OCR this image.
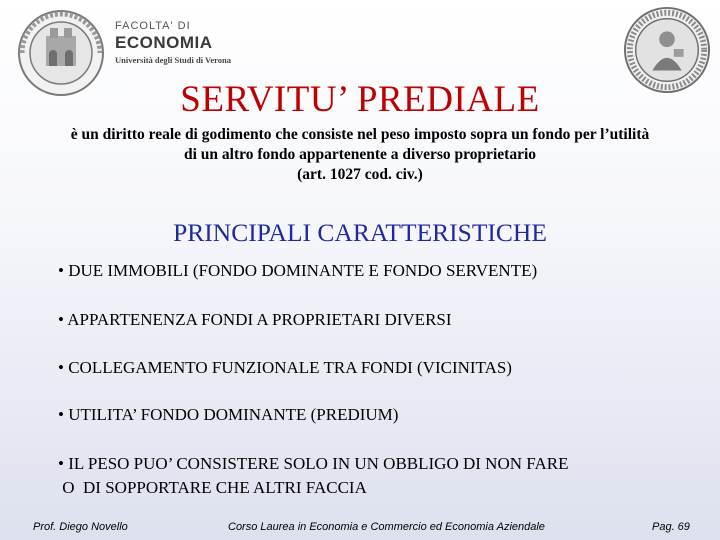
FACOLTA' DI
ECONOMIA
Università degli Studi di Verona
SERVITU’ PREDIALE
è un diritto reale di godimento che consiste nel peso imposto sopra un fondo per l’utilità
di un altro fondo appartenente a diverso proprietario
(art. 1027 cod. civ.)
PRINCIPALI CARATTERISTICHE
• DUE IMMOBILI (FONDO DOMINANTE E FONDO SERVENTE)
• APPARTENENZA FONDI A PROPRIETARI DIVERSI
• COLLEGAMENTO FUNZIONALE TRA FONDI (VICINITAS)
• UTILITA’ FONDO DOMINANTE (PREDIUM)
• IL PESO PUO’ CONSISTERE SOLO IN UN OBBLIGO DI NON FARE
O  DI SOPPORTARE CHE ALTRI FACCIA
Prof. Diego Novello	Corso Laurea in Economia e Commercio ed Economia Aziendale	Pag. 69
